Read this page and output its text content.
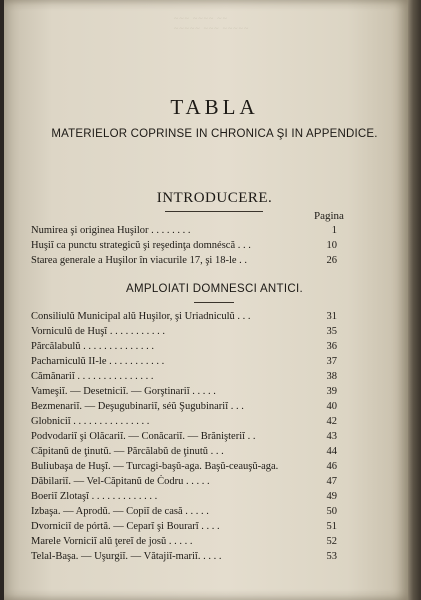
~~~ ~~~~ ~~
~~~~~ ~~~ ~~~~~
TABLA
MATERIELOR COPRINSE IN CHRONICA ŞI IN APPENDICE.
INTRODUCERE.
Pagina
Numirea şi originea Huşilor . . . . . . . .	1
Huşiĭ ca punctu strategicŭ şi reşedinţa domnéscă . . .	10
Starea generale a Huşilor în viacurile 17, şi 18-le . .	26
AMPLOIATI DOMNESCI ANTICI.
Consiliulŭ Municipal alŭ Huşilor, şi Uriadniculŭ . . .	31
Vorniculŭ de Huşĭ . . . . . . . . . . .	35
Părcălabulŭ . . . . . . . . . . . . . .	36
Pacharniculŭ II-le . . . . . . . . . . .	37
Cămănariĭ . . . . . . . . . . . . . . .	38
Vameşiĭ. — Desetniciĭ. — Gorştinariĭ . . . . .	39
Bezmenariĭ. — Deşugubinariĭ, séŭ Şugubinariĭ . . .	40
Globniciĭ . . . . . . . . . . . . . . .	42
Podvodariĭ şi Olăcariĭ. — Conăcariĭ. — Brănişteriĭ . .	43
Căpitanŭ de ţinutŭ. — Părcălabŭ de ţinutŭ . . .	44
Buliubaşa de Huşĭ. — Turcagi-başŭ-aga. Başŭ-ceauşŭ-aga.	46
Dăbilariĭ. — Vel-Căpitanŭ de Ċodru . . . . .	47
Boeriĭ Zlotaşĭ . . . . . . . . . . . . .	49
Izbaşa. — Aprodŭ. — Copiĭ de casă . . . . .	50
Dvorniciĭ de pórtă. — Ceparĭ şi Bourarĭ . . . .	51
Marele Vorniciĭ alŭ ţereĭ de josŭ . . . . .	52
Telal-Başa. — Uşurgiĭ. — Vătajiĭ-mariĭ. . . . .	53
